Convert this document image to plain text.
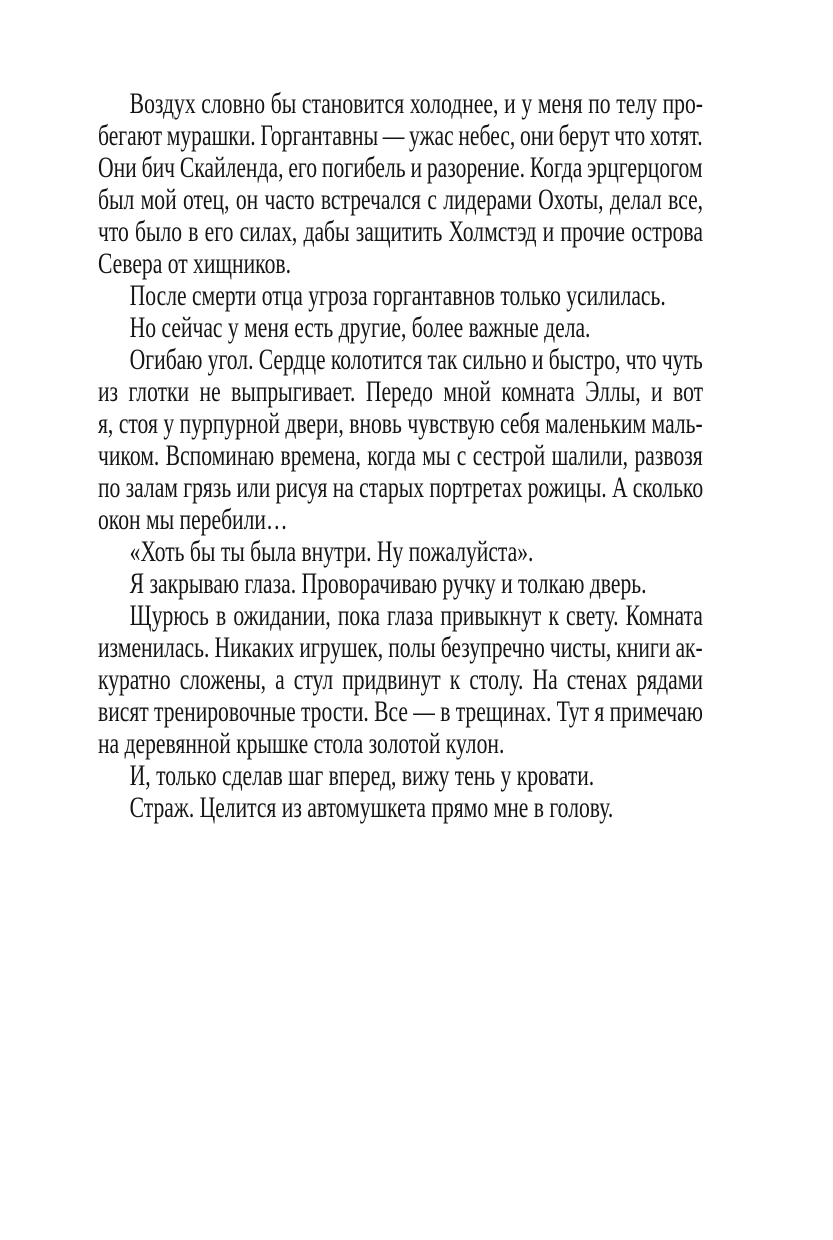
Воздух словно бы становится холоднее, и у меня по телу про-
бегают мурашки. Горгантавны — ужас небес, они берут что хотят.
Они бич Скайленда, его погибель и разорение. Когда эрцгерцогом
был мой отец, он часто встречался с лидерами Охоты, делал все,
что было в его силах, дабы защитить Холмстэд и прочие острова
Севера от хищников.
После смерти отца угроза горгантавнов только усилилась.
Но сейчас у меня есть другие, более важные дела.
Огибаю угол. Сердце колотится так сильно и быстро, что чуть
из глотки не выпрыгивает. Передо мной комната Эллы, и вот
я, стоя у пурпурной двери, вновь чувствую себя маленьким маль-
чиком. Вспоминаю времена, когда мы с сестрой шалили, развозя
по залам грязь или рисуя на старых портретах рожицы. А сколько
окон мы перебили…
«Хоть бы ты была внутри. Ну пожалуйста».
Я закрываю глаза. Проворачиваю ручку и толкаю дверь.
Щурюсь в ожидании, пока глаза привыкнут к свету. Комната
изменилась. Никаких игрушек, полы безупречно чисты, книги ак-
куратно сложены, а стул придвинут к столу. На стенах рядами
висят тренировочные трости. Все — в трещинах. Тут я примечаю
на деревянной крышке стола золотой кулон.
И, только сделав шаг вперед, вижу тень у кровати.
Страж. Целится из автомушкета прямо мне в голову.
